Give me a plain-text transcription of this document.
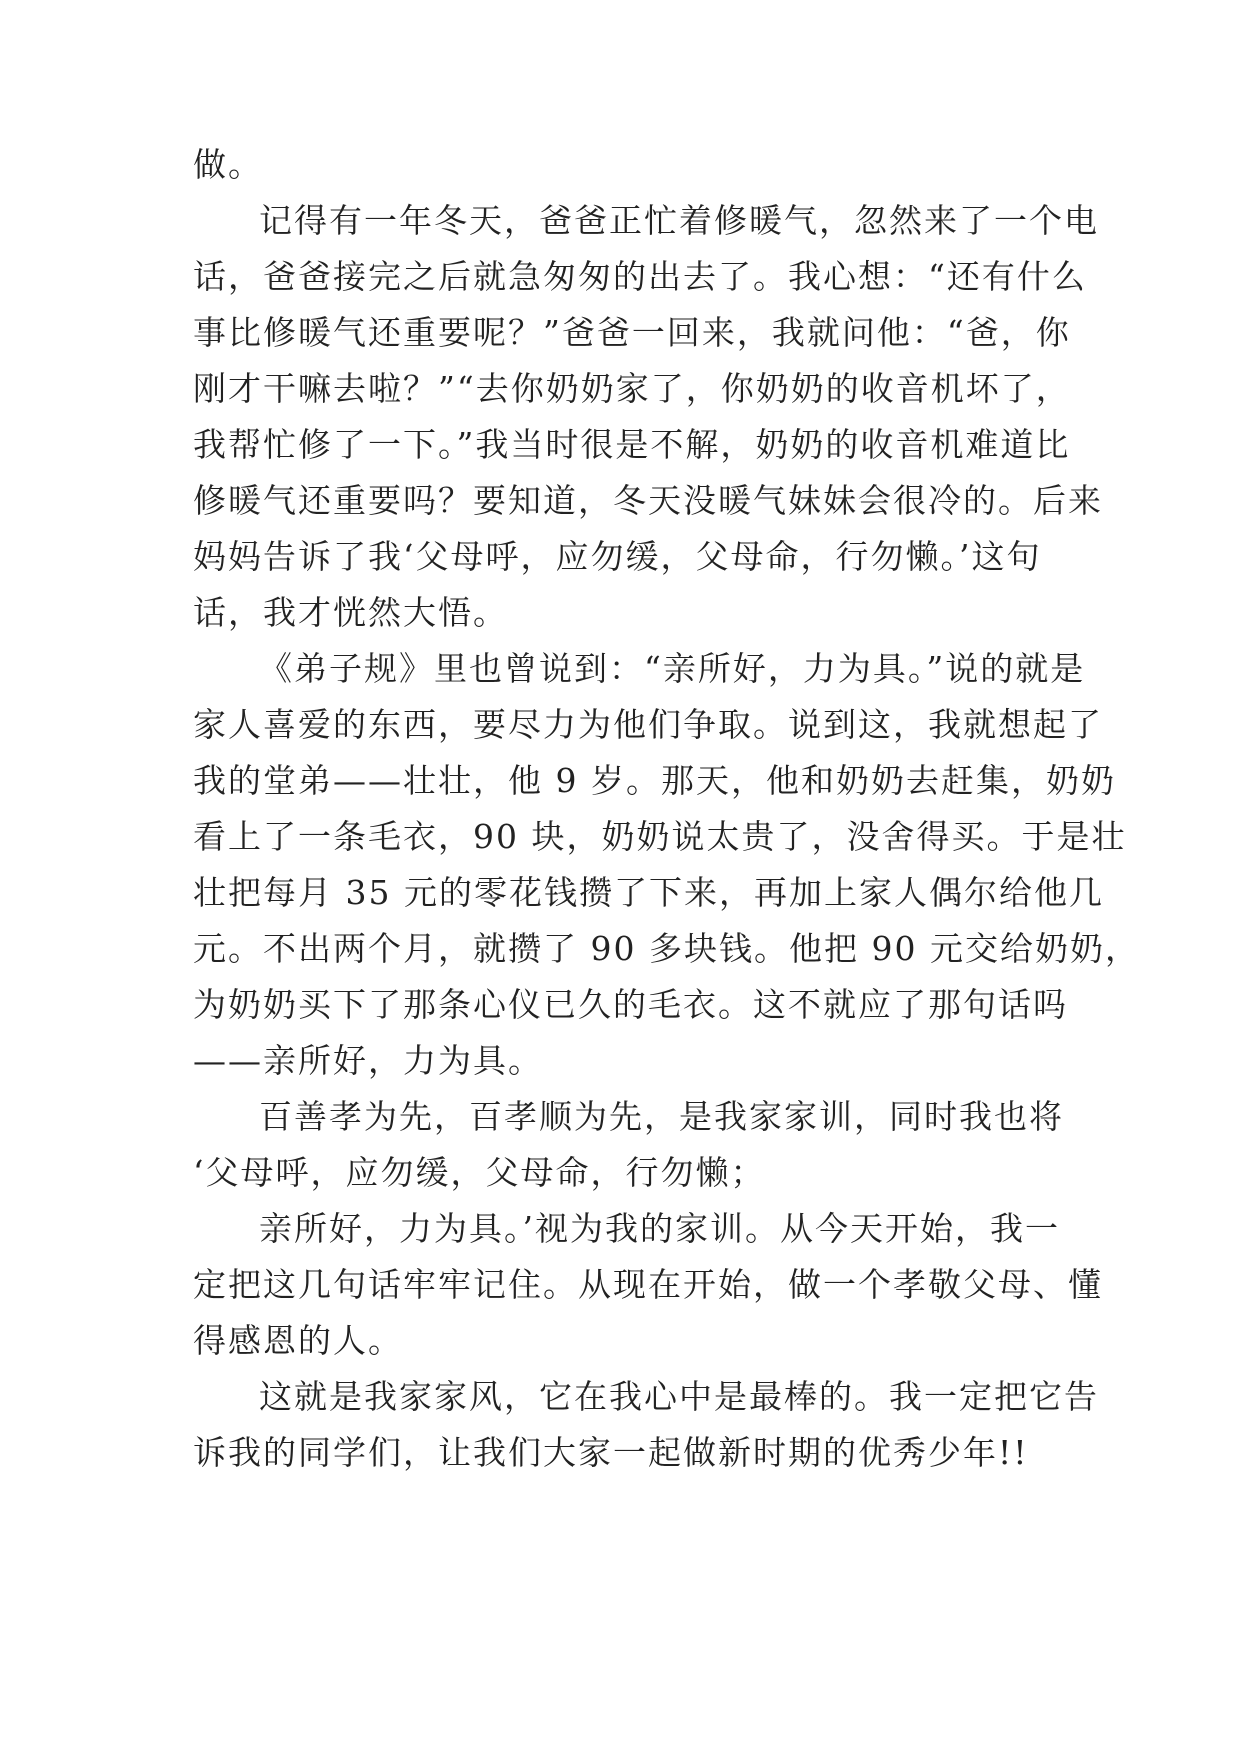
做。
记得有一年冬天，爸爸正忙着修暖气，忽然来了一个电
话，爸爸接完之后就急匆匆的出去了。我心想：“还有什么
事比修暖气还重要呢？”爸爸一回来，我就问他：“爸，你
刚才干嘛去啦？”“去你奶奶家了，你奶奶的收音机坏了，
我帮忙修了一下。”我当时很是不解，奶奶的收音机难道比
修暖气还重要吗？要知道，冬天没暖气妹妹会很冷的。后来
妈妈告诉了我‘父母呼，应勿缓，父母命，行勿懒。’这句
话，我才恍然大悟。
《弟子规》里也曾说到：“亲所好，力为具。”说的就是
家人喜爱的东西，要尽力为他们争取。说到这，我就想起了
我的堂弟——壮壮，他 9 岁。那天，他和奶奶去赶集，奶奶
看上了一条毛衣，90 块，奶奶说太贵了，没舍得买。于是壮
壮把每月 35 元的零花钱攒了下来，再加上家人偶尔给他几
元。不出两个月，就攒了 90 多块钱。他把 90 元交给奶奶，
为奶奶买下了那条心仪已久的毛衣。这不就应了那句话吗
——亲所好，力为具。
百善孝为先，百孝顺为先，是我家家训，同时我也将
‘父母呼，应勿缓，父母命，行勿懒；
亲所好，力为具。’视为我的家训。从今天开始，我一
定把这几句话牢牢记住。从现在开始，做一个孝敬父母、懂
得感恩的人。
这就是我家家风，它在我心中是最棒的。我一定把它告
诉我的同学们，让我们大家一起做新时期的优秀少年!!
